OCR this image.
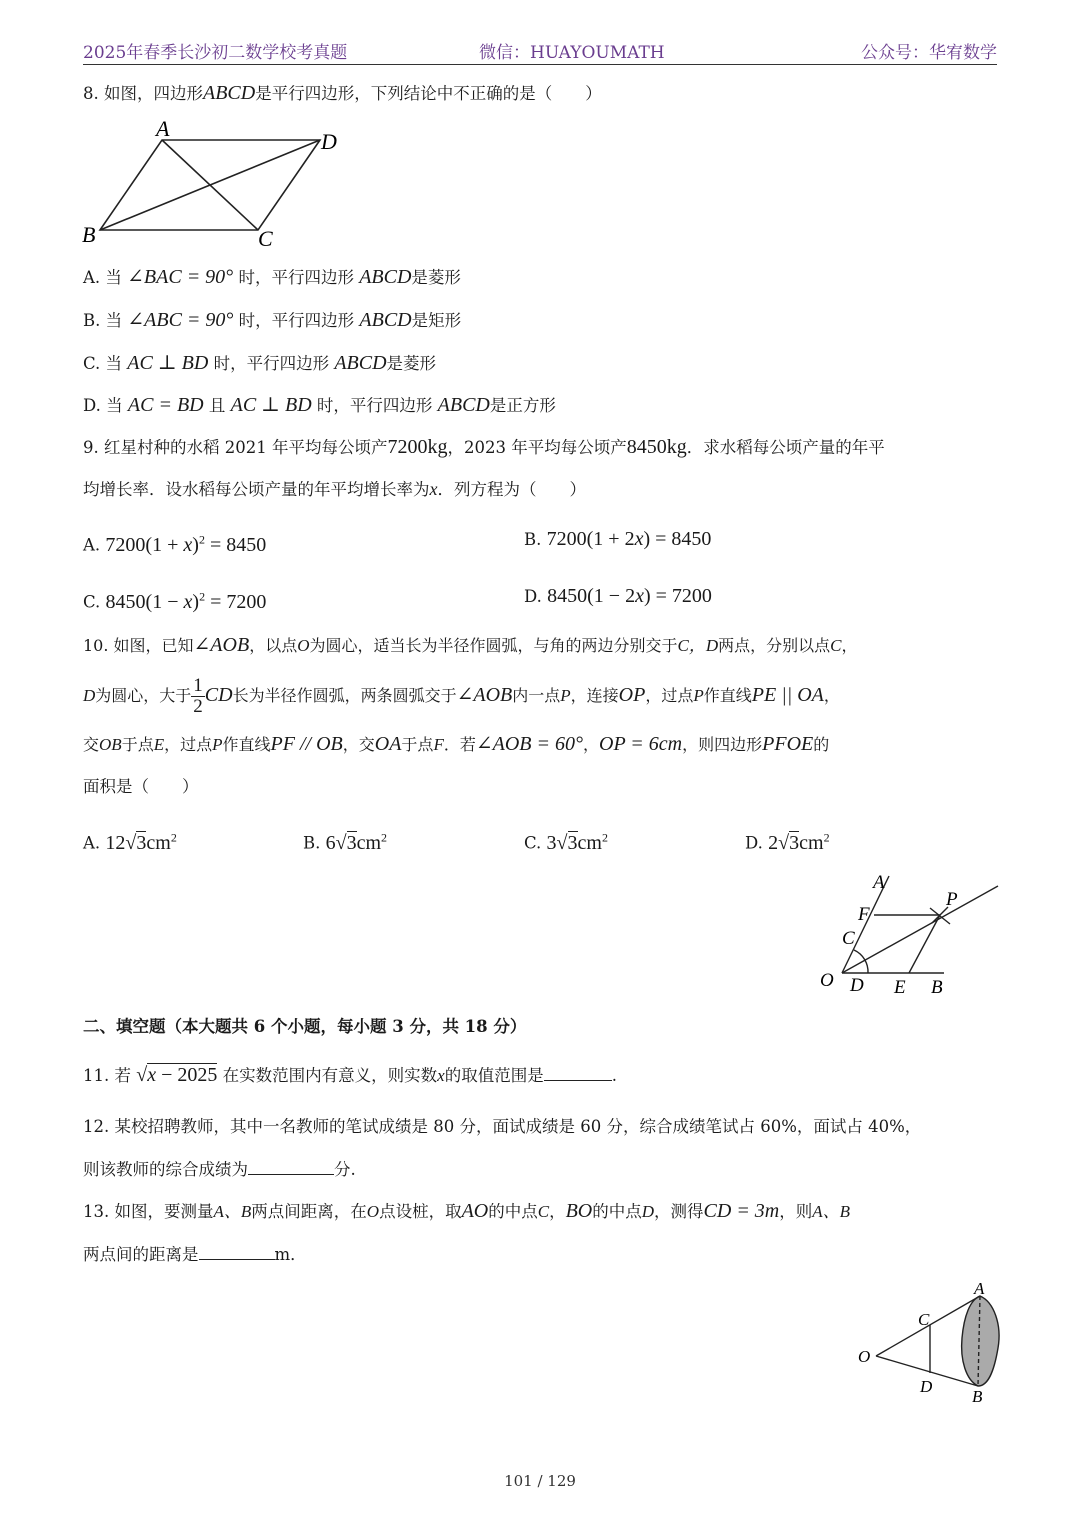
2025年春季长沙初二数学校考真题	微信：HUAYOUMATH	公众号：华宥数学
8. 如图，四边形ABCD是平行四边形，下列结论中不正确的是（　　）
A
D
B	C
A. 当 ∠BAC = 90° 时，平行四边形 ABCD是菱形
B. 当 ∠ABC = 90° 时，平行四边形 ABCD是矩形
C. 当 AC ⊥ BD 时，平行四边形 ABCD是菱形
D. 当 AC = BD 且 AC ⊥ BD 时，平行四边形 ABCD是正方形
9. 红星村种的水稻 2021 年平均每公顷产7200kg，2023 年平均每公顷产8450kg．求水稻每公顷产量的年平
均增长率．设水稻每公顷产量的年平均增长率为x．列方程为（　　）
A. $7200(1 + x)^2 = 8450$	B. 7200(1 + 2x) = 8450
C. $8450(1 - x)^2 = 7200$	D. 8450(1 − 2x) = 7200
10. 如图，已知∠AOB，以点O为圆心，适当长为半径作圆弧，与角的两边分别交于C，D两点，分别以点C，
D为圆心，大于 $\frac{1}{2}$ CD长为半径作圆弧，两条圆弧交于∠AOB内一点P，连接OP，过点P作直线PE || OA，
交OB于点E，过点P作直线PF // OB，交OA于点F．若∠AOB = 60°，OP = 6cm，则四边形PFOE的
面积是（　　）
A. $12√3cm^2$	B. $6√3cm^2$	C. $3√3cm^2$	D. $2√3cm^2$
A
F
P
C
O D E B
二、填空题（本大题共 6 个小题，每小题 3 分，共 18 分）
11. 若 √x − 2025 在实数范围内有意义，则实数x的取值范围是	.
12. 某校招聘教师，其中一名教师的笔试成绩是 80 分，面试成绩是 60 分，综合成绩笔试占 60%，面试占 40%，
则该教师的综合成绩为	分.
13. 如图，要测量A、B两点间距离，在O点设桩，取AO的中点C，BO的中点D，测得CD = 3m，则A、B
两点间的距离是	m．
A
C
O
D
B
101 / 129
